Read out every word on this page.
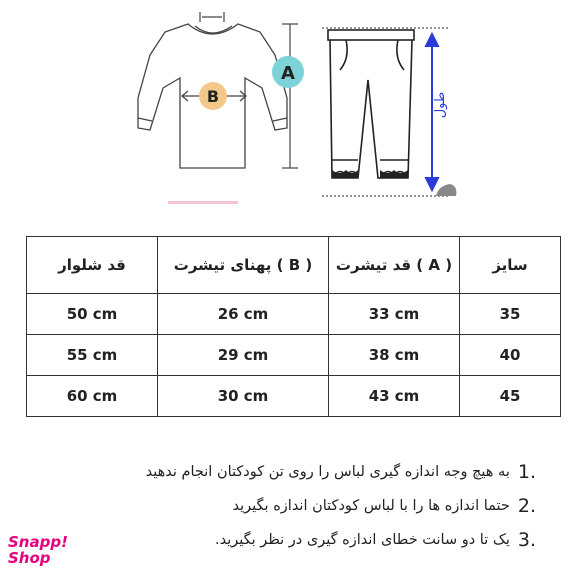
A
B	طول
قد شلوار	پهنای تیشرت ( B )	قد تیشرت ( A )	سایز
50 cm	26 cm	33 cm	35
55 cm	29 cm	38 cm	40
60 cm	30 cm	43 cm	45
1.
به هیچ وجه اندازه گیری لباس را روی تن کودکتان انجام ندهید
2.
حتما اندازه ها را با لباس کودکتان اندازه بگیرید
3.
یک تا دو سانت خطای اندازه گیری در نظر بگیرید.
Snapp!
Shop
